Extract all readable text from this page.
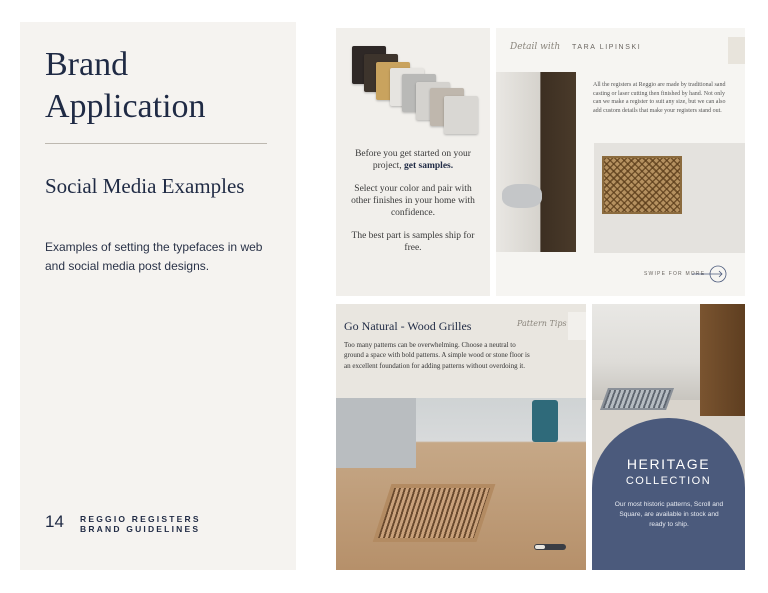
Brand Application
Social Media Examples
Examples of setting the typefaces in web and social media post designs.
14 REGGIO REGISTERS
BRAND GUIDELINES

Before you get started on your project, get samples.

Select your color and pair with other finishes in your home with confidence.

The best part is samples ship for free.

Detail with TARA LIPINSKI
All the registers at Reggio are made by traditional sand casting or laser cutting then finished by hand. Not only can we make a register to suit any size, but we can also add custom details that make your registers stand out.
SWIPE FOR MORE
Go Natural - Wood Grilles	Pattern Tips
Too many patterns can be overwhelming. Choose a neutral to ground a space with bold patterns. A simple wood or stone floor is an excellent foundation for adding patterns without overdoing it.
HERITAGE
COLLECTION
Our most historic patterns, Scroll and Square, are available in stock and ready to ship.
